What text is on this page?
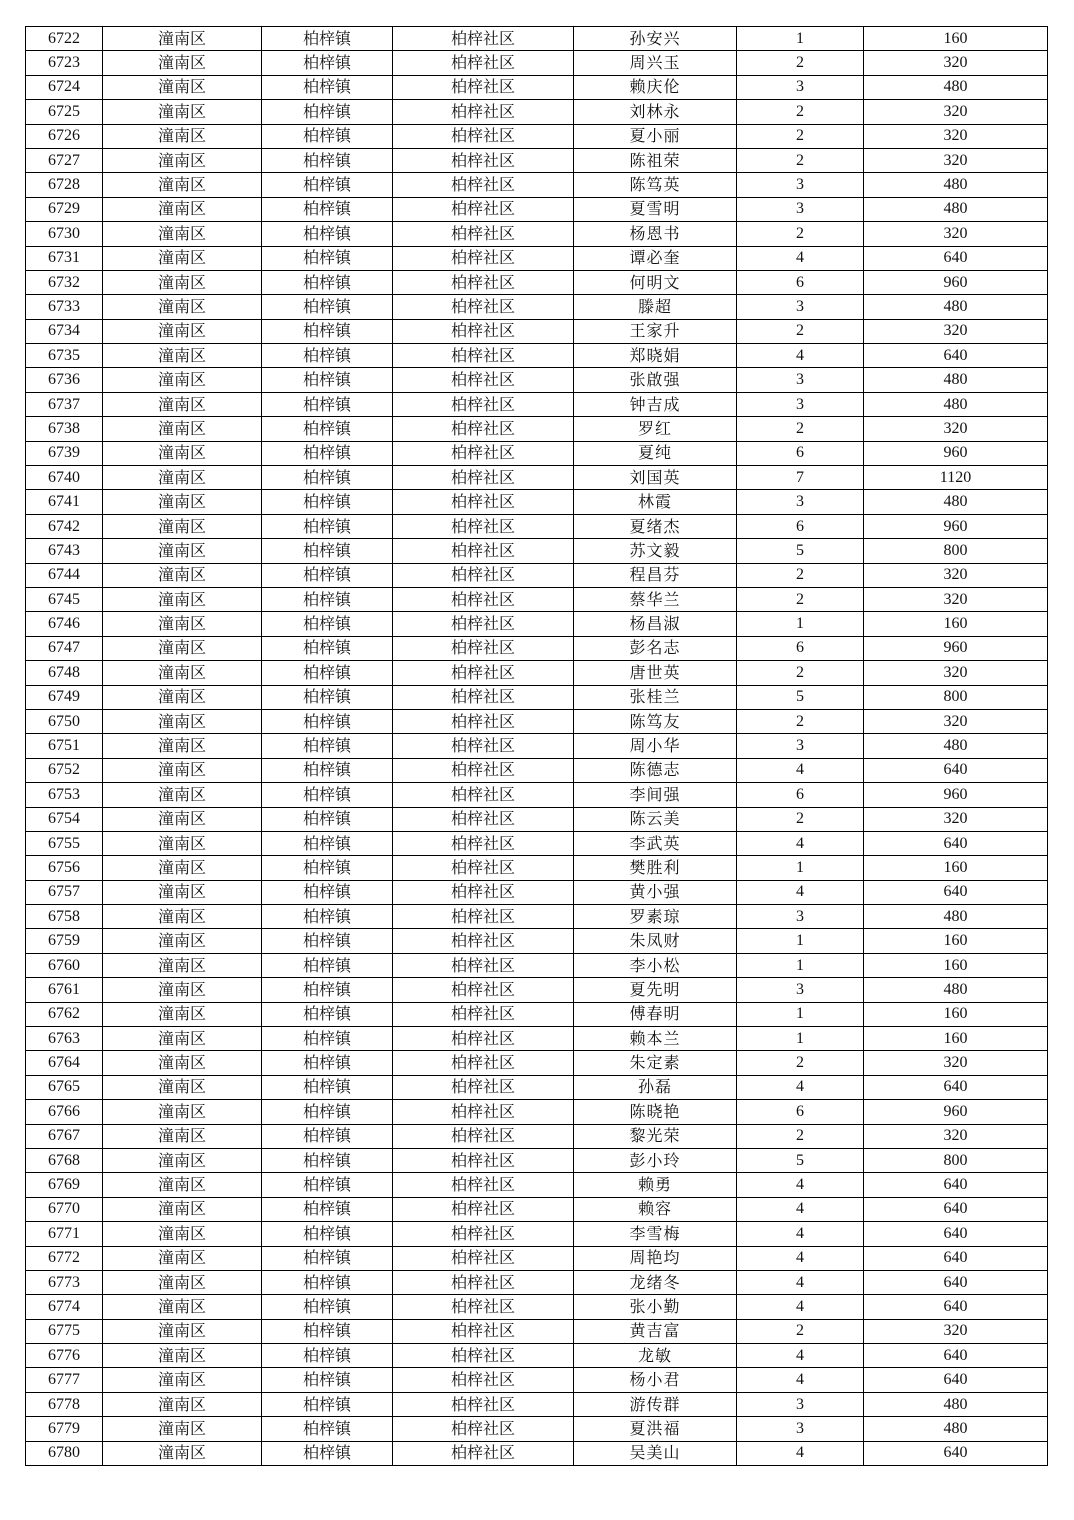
6722	潼南区	柏梓镇	柏梓社区	孙安兴	1	160
6723	潼南区	柏梓镇	柏梓社区	周兴玉	2	320
6724	潼南区	柏梓镇	柏梓社区	赖庆伦	3	480
6725	潼南区	柏梓镇	柏梓社区	刘林永	2	320
6726	潼南区	柏梓镇	柏梓社区	夏小丽	2	320
6727	潼南区	柏梓镇	柏梓社区	陈祖荣	2	320
6728	潼南区	柏梓镇	柏梓社区	陈笃英	3	480
6729	潼南区	柏梓镇	柏梓社区	夏雪明	3	480
6730	潼南区	柏梓镇	柏梓社区	杨恩书	2	320
6731	潼南区	柏梓镇	柏梓社区	谭必奎	4	640
6732	潼南区	柏梓镇	柏梓社区	何明文	6	960
6733	潼南区	柏梓镇	柏梓社区	滕超	3	480
6734	潼南区	柏梓镇	柏梓社区	王家升	2	320
6735	潼南区	柏梓镇	柏梓社区	郑晓娟	4	640
6736	潼南区	柏梓镇	柏梓社区	张啟强	3	480
6737	潼南区	柏梓镇	柏梓社区	钟吉成	3	480
6738	潼南区	柏梓镇	柏梓社区	罗红	2	320
6739	潼南区	柏梓镇	柏梓社区	夏纯	6	960
6740	潼南区	柏梓镇	柏梓社区	刘国英	7	1120
6741	潼南区	柏梓镇	柏梓社区	林霞	3	480
6742	潼南区	柏梓镇	柏梓社区	夏绪杰	6	960
6743	潼南区	柏梓镇	柏梓社区	苏文毅	5	800
6744	潼南区	柏梓镇	柏梓社区	程昌芬	2	320
6745	潼南区	柏梓镇	柏梓社区	蔡华兰	2	320
6746	潼南区	柏梓镇	柏梓社区	杨昌淑	1	160
6747	潼南区	柏梓镇	柏梓社区	彭名志	6	960
6748	潼南区	柏梓镇	柏梓社区	唐世英	2	320
6749	潼南区	柏梓镇	柏梓社区	张桂兰	5	800
6750	潼南区	柏梓镇	柏梓社区	陈笃友	2	320
6751	潼南区	柏梓镇	柏梓社区	周小华	3	480
6752	潼南区	柏梓镇	柏梓社区	陈德志	4	640
6753	潼南区	柏梓镇	柏梓社区	李间强	6	960
6754	潼南区	柏梓镇	柏梓社区	陈云美	2	320
6755	潼南区	柏梓镇	柏梓社区	李武英	4	640
6756	潼南区	柏梓镇	柏梓社区	樊胜利	1	160
6757	潼南区	柏梓镇	柏梓社区	黄小强	4	640
6758	潼南区	柏梓镇	柏梓社区	罗素琼	3	480
6759	潼南区	柏梓镇	柏梓社区	朱凤财	1	160
6760	潼南区	柏梓镇	柏梓社区	李小松	1	160
6761	潼南区	柏梓镇	柏梓社区	夏先明	3	480
6762	潼南区	柏梓镇	柏梓社区	傅春明	1	160
6763	潼南区	柏梓镇	柏梓社区	赖本兰	1	160
6764	潼南区	柏梓镇	柏梓社区	朱定素	2	320
6765	潼南区	柏梓镇	柏梓社区	孙磊	4	640
6766	潼南区	柏梓镇	柏梓社区	陈晓艳	6	960
6767	潼南区	柏梓镇	柏梓社区	黎光荣	2	320
6768	潼南区	柏梓镇	柏梓社区	彭小玲	5	800
6769	潼南区	柏梓镇	柏梓社区	赖勇	4	640
6770	潼南区	柏梓镇	柏梓社区	赖容	4	640
6771	潼南区	柏梓镇	柏梓社区	李雪梅	4	640
6772	潼南区	柏梓镇	柏梓社区	周艳均	4	640
6773	潼南区	柏梓镇	柏梓社区	龙绪冬	4	640
6774	潼南区	柏梓镇	柏梓社区	张小勤	4	640
6775	潼南区	柏梓镇	柏梓社区	黄吉富	2	320
6776	潼南区	柏梓镇	柏梓社区	龙敏	4	640
6777	潼南区	柏梓镇	柏梓社区	杨小君	4	640
6778	潼南区	柏梓镇	柏梓社区	游传群	3	480
6779	潼南区	柏梓镇	柏梓社区	夏洪福	3	480
6780	潼南区	柏梓镇	柏梓社区	吴美山	4	640
